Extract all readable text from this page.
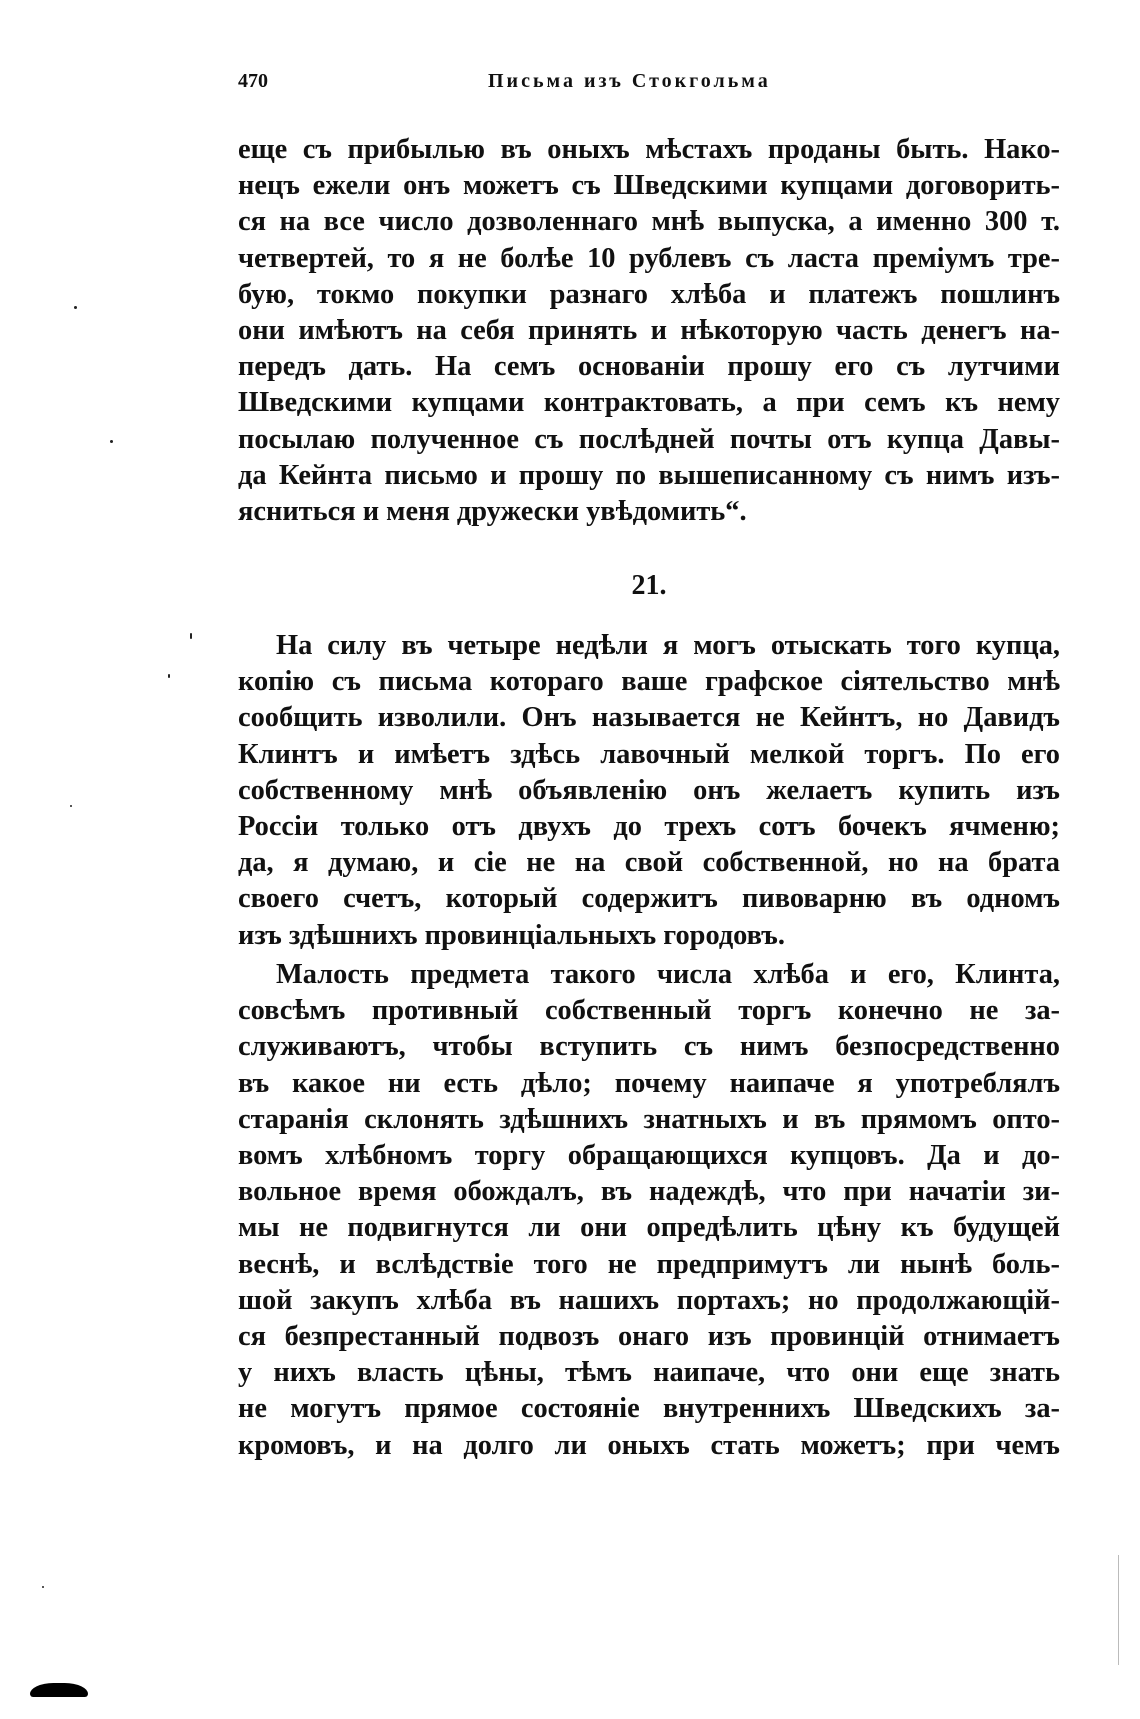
470	Письма изъ Стокгольма
еще съ прибылью въ оныхъ мѣстахъ проданы быть. Нако-
нецъ ежели онъ можетъ съ Шведскими купцами договорить-
ся на все число дозволеннаго мнѣ выпуска, а именно 300 т.
четвертей, то я не болѣе 10 рублевъ съ ласта премiумъ тре-
бую, токмо покупки разнаго хлѣба и платежъ пошлинъ
они имѣютъ на себя принять и нѣкоторую часть денегъ на-
передъ дать. На семъ основанiи прошу его съ лутчими
Шведскими купцами контрактовать, а при семъ къ нему
посылаю полученное съ послѣдней почты отъ купца Давы-
да Кейнта письмо и прошу по вышеписанному съ нимъ изъ-
ясниться и меня дружески увѣдомить“.
21.
На силу въ четыре недѣли я могъ отыскать того купца,
копiю съ письма котораго ваше графское сiятельство мнѣ
сообщить изволили. Онъ называется не Кейнтъ, но Давидъ
Клинтъ и имѣетъ здѣсь лавочный мелкой торгъ. По его
собственному мнѣ объявленiю онъ желаетъ купить изъ
Россiи только отъ двухъ до трехъ сотъ бочекъ ячменю;
да, я думаю, и сiе не на свой собственной, но на брата
своего счетъ, который содержитъ пивоварню въ одномъ
изъ здѣшнихъ провинцiальныхъ городовъ.
Малость предмета такого числа хлѣба и его, Клинта,
совсѣмъ противный собственный торгъ конечно не за-
служиваютъ, чтобы вступить съ нимъ безпосредственно
въ какое ни есть дѣло; почему наипаче я употреблялъ
старанiя склонять здѣшнихъ знатныхъ и въ прямомъ опто-
вомъ хлѣбномъ торгу обращающихся купцовъ. Да и до-
вольное время обождалъ, въ надеждѣ, что при начатiи зи-
мы не подвигнутся ли они опредѣлить цѣну къ будущей
веснѣ, и вслѣдствiе того не предпримутъ ли нынѣ боль-
шой закупъ хлѣба въ нашихъ портахъ; но продолжающiй-
ся безпрестанный подвозъ онаго изъ провинцiй отнимаетъ
у нихъ власть цѣны, тѣмъ наипаче, что они еще знать
не могутъ прямое состоянiе внутреннихъ Шведскихъ за-
кромовъ, и на долго ли оныхъ стать можетъ; при чемъ
